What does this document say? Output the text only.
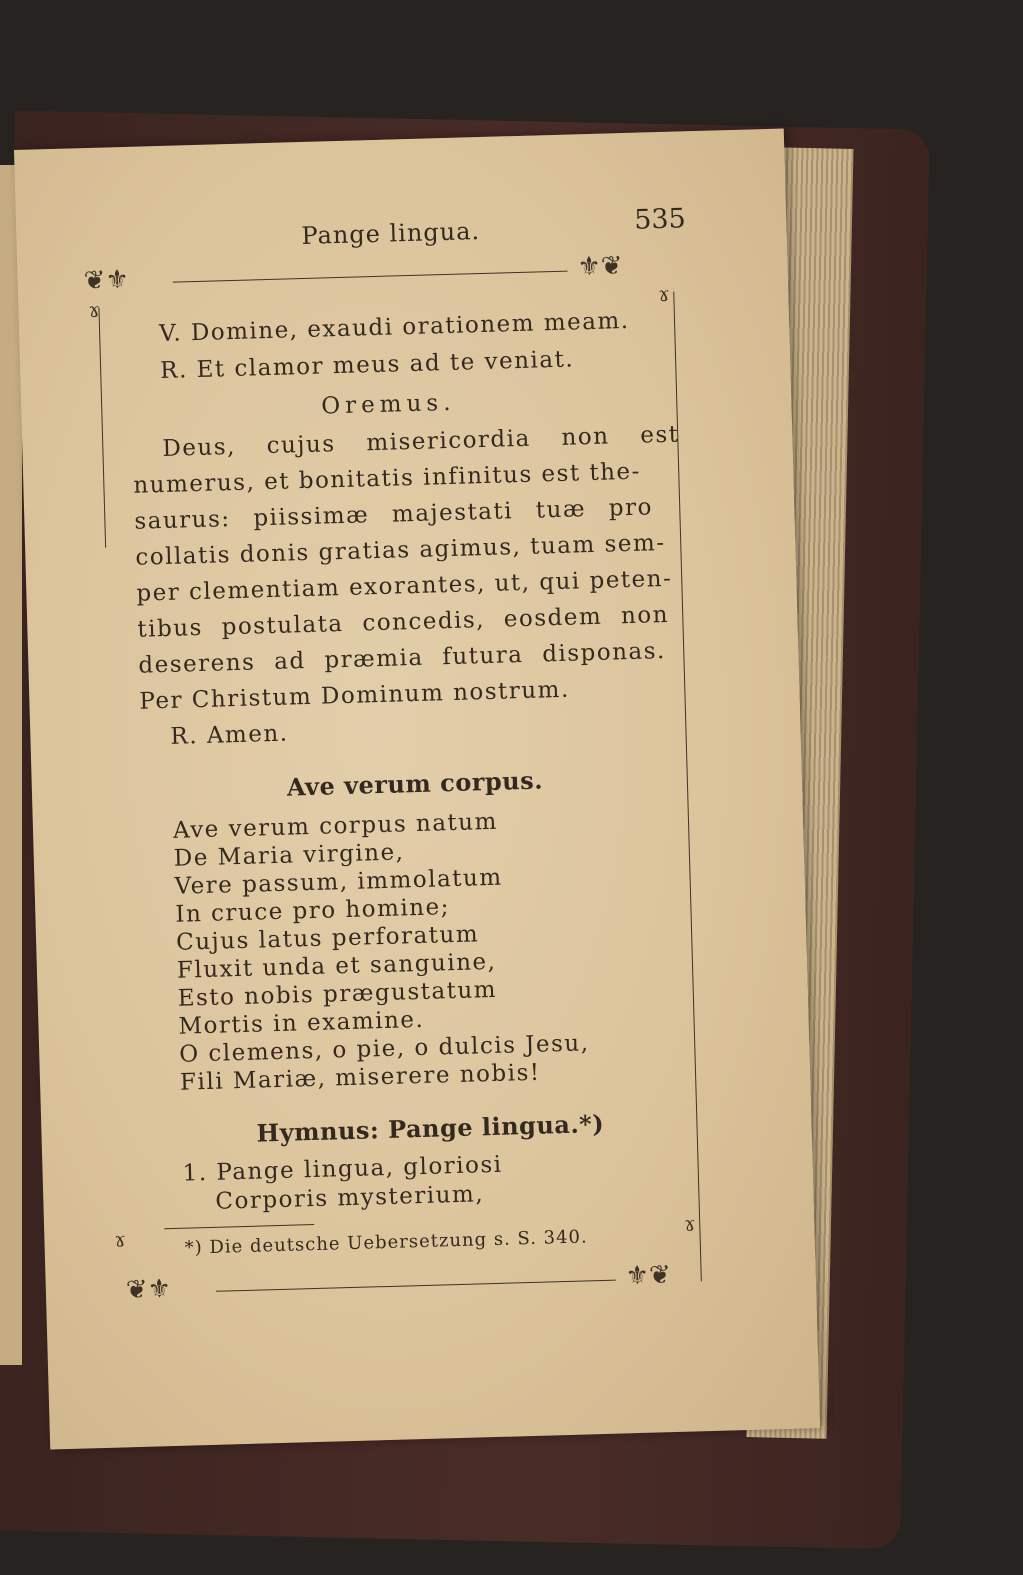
Pange lingua.	535
❦⚜	⚜❦
ɤ
ɤ
V. Domine, exaudi orationem meam.
R. Et clamor meus ad te veniat.
Oremus.
Deus, cujus misericordia non est
numerus, et bonitatis infinitus est the-
saurus: piissimæ majestati tuæ pro
collatis donis gratias agimus, tuam sem-
per clementiam exorantes, ut, qui peten-
tibus postulata concedis, eosdem non
deserens ad præmia futura disponas.
Per Christum Dominum nostrum.
R. Amen.
Ave verum corpus.
Ave verum corpus natum
De Maria virgine,
Vere passum, immolatum
In cruce pro homine;
Cujus latus perforatum
Fluxit unda et sanguine,
Esto nobis prægustatum
Mortis in examine.
O clemens, o pie, o dulcis Jesu,
Fili Mariæ, miserere nobis!
Hymnus: Pange lingua.*)
1. Pange lingua, gloriosi
Corporis mysterium,
*) Die deutsche Uebersetzung s. S. 340.
ɤ
ɤ
❦⚜	⚜❦
